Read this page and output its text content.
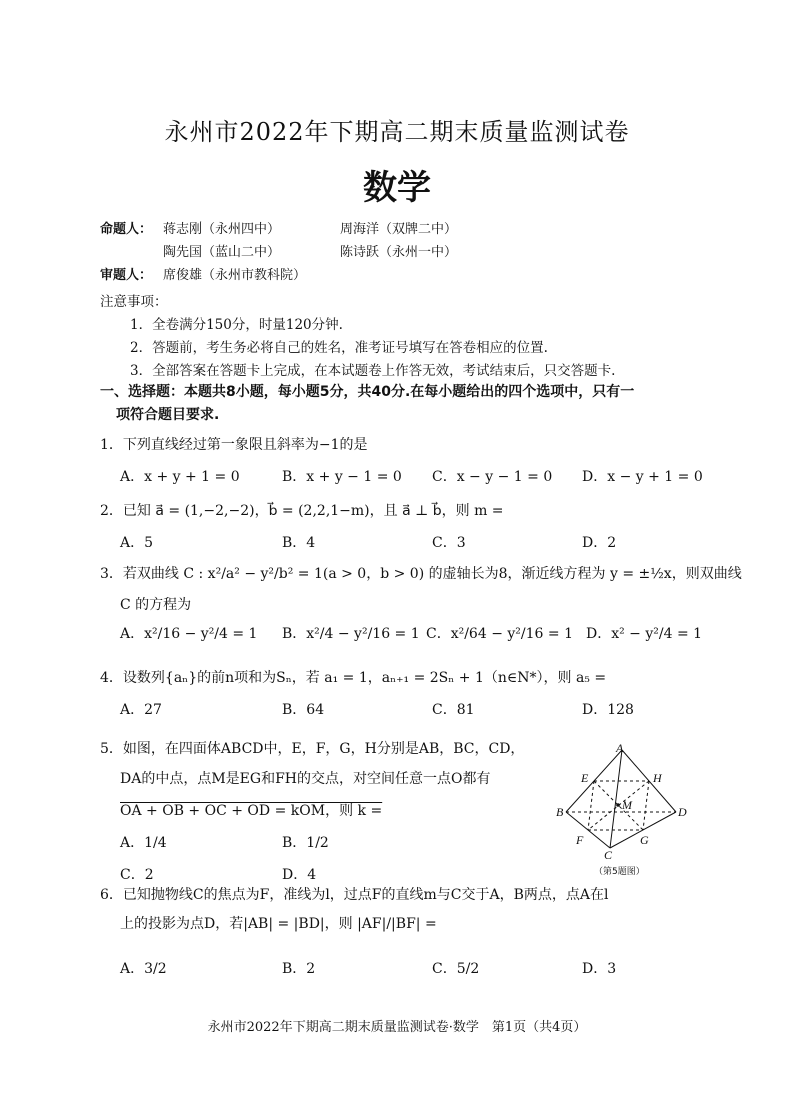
永州市2022年下期高二期末质量监测试卷
数学
命题人： 蒋志刚（永州四中）	周海洋（双牌二中）
陶先国（蓝山二中）	陈诗跃（永州一中）
审题人： 席俊雄（永州市教科院）
注意事项：
1．全卷满分150分，时量120分钟.
2．答题前，考生务必将自己的姓名，准考证号填写在答卷相应的位置.
3．全部答案在答题卡上完成，在本试题卷上作答无效，考试结束后，只交答题卡.
一、选择题：本题共8小题，每小题5分，共40分.在每小题给出的四个选项中，只有一
项符合题目要求.
1．下列直线经过第一象限且斜率为−1的是
A．x + y + 1 = 0	B．x + y − 1 = 0 C．x − y − 1 = 0 D．x − y + 1 = 0
2．已知 a⃗ = (1,−2,−2)，b⃗ = (2,2,1−m)，且 a⃗ ⊥ b⃗，则 m =
A．5	B．4	C．3	D．2
3．若双曲线 C : x²/a² − y²/b² = 1(a > 0，b > 0) 的虚轴长为8，渐近线方程为 y = ±½x，则双曲线
C 的方程为
A．x²/16 − y²/4 = 1 B．x²/4 − y²/16 = 1 C．x²/64 − y²/16 = 1 D．x² − y²/4 = 1
4．设数列{aₙ}的前n项和为Sₙ，若 a₁ = 1，aₙ₊₁ = 2Sₙ + 1（n∈N*），则 a₅ =
A．27	B．64	C．81	D．128
5．如图，在四面体ABCD中，E，F，G，H分别是AB，BC，CD，
DA的中点，点M是EG和FH的交点，对空间任意一点O都有
OA + OB + OC + OD = kOM，则 k =
A．1/4	B．1/2
C．2	D．4
A
E	H
B	M	D
F	G
C
（第5题图）
6．已知抛物线C的焦点为F，准线为l，过点F的直线m与C交于A，B两点，点A在l
上的投影为点D，若|AB| = |BD|，则 |AF|/|BF| =
A．3/2	B．2	C．5/2	D．3
永州市2022年下期高二期末质量监测试卷·数学　第1页（共4页）
